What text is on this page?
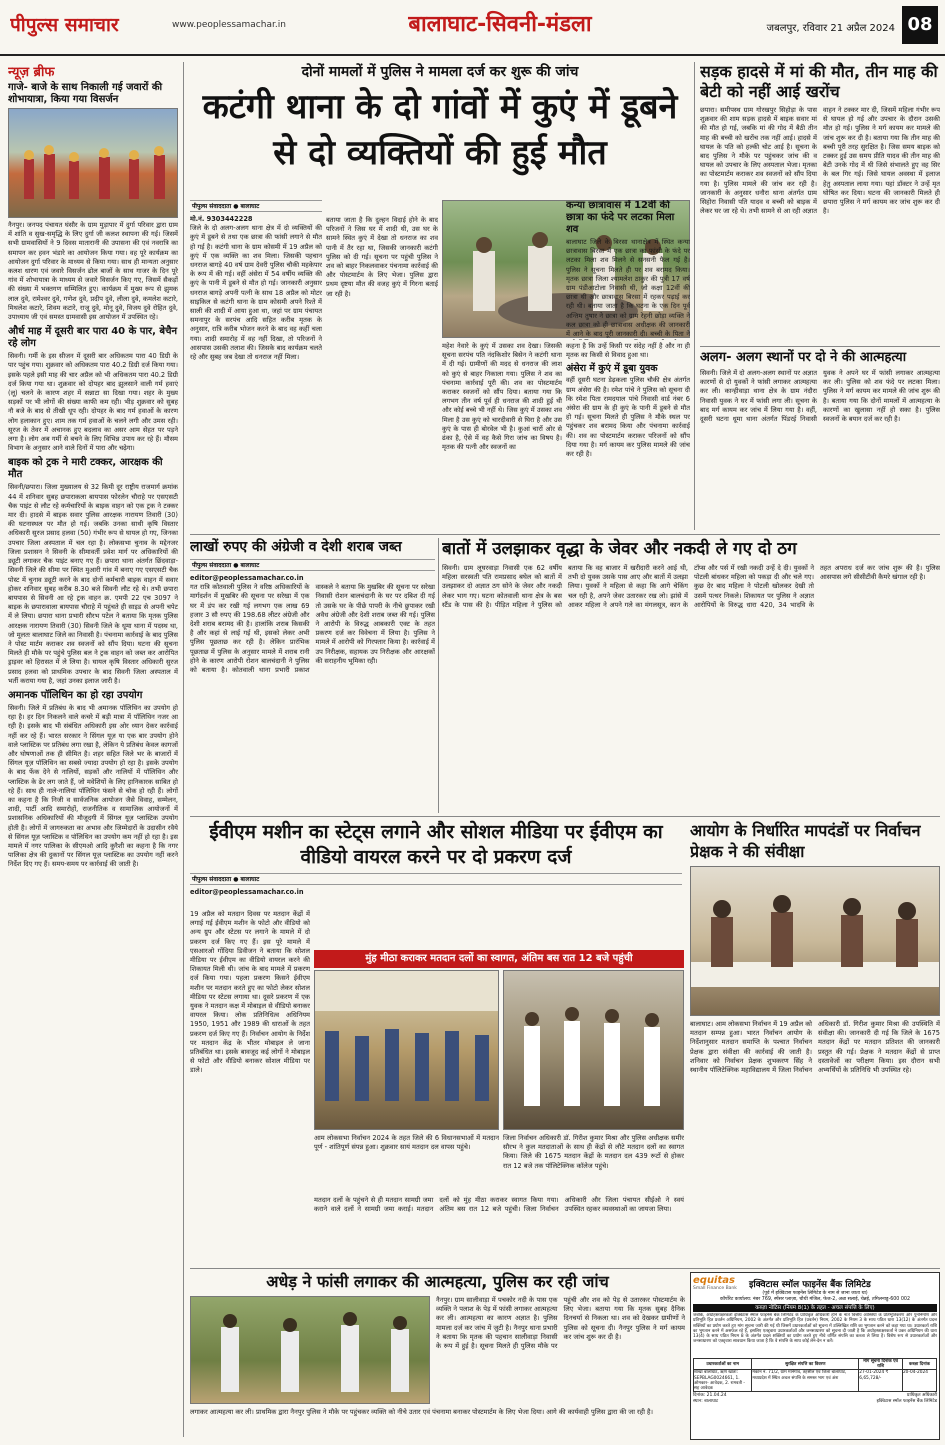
पीपुल्स समाचार	www.peoplessamachar.in	बालाघाट-सिवनी-मंडला	जबलपुर, रविवार 21 अप्रैल 2024 08
न्यूज़ ब्रीफ
गाजे- बाजे के साथ निकाली गई जवारों की शोभायात्रा, किया गया विसर्जन
नैनपुर। जनपद पंचायत घंसौर के ग्राम मुड़ापार में दुर्गा परिवार द्वारा ग्राम में शांति व सुख-समृद्धि के लिए दुर्गा जी कलश स्थापना की गई। जिसमें सभी ग्रामवासियों ने 9 दिवस मातारानी की उपासना की एवं नवरात्रि का समापन कर हवन भंडारे का आयोजन किया गया। वह पूरे कार्यक्रम का आयोजन दुर्गा परिवार के माध्यम से किया गया। साथ ही मान्यता अनुसार कलश धारण एवं जवारे विसर्जन ढोल बाजों के साथ गाजर के दिन पूरे गांव में शोभायात्रा के माध्यम से जवारे विसर्जन किए गए, जिसमें सैकड़ों की संख्या में भक्तगण सम्मिलित हुए। कार्यक्रम में मुख्य रूप से झुमक लाल दुवे, रामेश्वर दुवे, गणेश दुवे, प्रदीप दुवे, लीला दुवे, कमलेश कटारे, मिथलेश कटारे, शिवम कटारे, राजू दुवे, मोनू दुवे, विजय दुवे रोहित दुवे, उपाध्याय जी एवं समस्त ग्रामवासी इस आयोजन में उपस्थित रहे।
और्ध माह में दूसरी बार पारा 40 के पार, बेचैन रहे लोग
सिवनी। गर्मी के इस सीजन में दूसरी बार अधिकतम पारा 40 डिग्री के पार पहुंच गया। शुक्रवार को अधिकतम पारा 40.2 डिग्री दर्ज किया गया। इसके पहले इसी माह की चार अप्रैल को भी अधिकतम पारा 40.2 डिग्री दर्ज किया गया था। शुक्रवार को दोपहर बाद झुलसाने वाली गर्म हवाएं (लू) चलने के कारण शहर में सन्नाटा सा दिखा गया। शहर के मुख्य सड़कों पर भी लोगों की संख्या काफी कम रही। भीड़ शुक्रवार को सुबह नौ बजे के बाद से तीखी धूप रही। दोपहर के बाद गर्म हवाओं के कारण लोग हलाकान हुए। शाम तक गर्म हवाओं के चलने लगी और उमस रही। सूरज के तेवर में अचानक हुए बदलाव का असर आम सेहत पर पड़ने लगा है। लोग अब गर्मी से बचने के लिए विभिन्न उपाय कर रहे हैं। मौसम विभाग के अनुसार आने वाले दिनों में पारा और चढ़ेगा।
बाइक को ट्रक ने मारी टक्कर, आरक्षक की मौत
सिवनी/छपारा। जिला मुख्यालय से 32 किमी दूर राष्ट्रीय राजमार्ग क्रमांक 44 में शनिवार सुबह छपाराकला बायपास फोरलेन चौराहे पर एसएसटी चैक पाइंट से लौट रहे कर्मचारियों के बाइक वाहन को एक ट्रक ने टक्कर मार दी। हादसे में बाइक सवार पुलिस आरक्षक नारायण तिवारी (30) की घटनास्थल पर मौत हो गई। जबकि उनका साथी कृषि विस्तार अधिकारी सुरज प्रसाद हलवा (50) गंभीर रूप से घायल हो गए, जिनका उपचार जिला अस्पताल में चल रहा है। लोकसभा चुनाव के मद्देनजर जिला प्रशासन ने सिवनी के सीमावर्ती प्रवेश मार्ग पर अधिकारियों की ड्यूटी लगाकर चैक पाइंट बनाए गए हैं। छपारा थाना अंतर्गत छिंदवाड़ा-सिवनी जिले की सीमा पर स्थित मुआरी गांव में बनाए गए एसएसटी चैक पोस्ट में चुनाव ड्यूटी करने के बाद दोनों कर्मचारी बाइक वाहन में सवार होकर शनिवार सुबह करीब 8.30 बजे सिवनी लौट रहे थे। तभी छपारा बायपास से सिवनी आ रहे ट्रक वाहन क्र. एमपी 22 एच 3097 ने बाइक के छपारावाला बायपास चौराहे में पहुंचते ही साइड से अपनी चपेट में ले लिया। छपारा थाना प्रभारी सौरभ पटेल ने बताया कि मृतक पुलिस आरक्षक नारायण तिवारी (30) सिवनी जिले के धूमा थाना में पदस्थ था, जो मूलतः बालाघाट जिले का निवासी है। पंचनामा कार्रवाई के बाद पुलिस ने पोस्ट मार्टम कराकर शव स्वजनों को सौंप दिया। घटना की सूचना मिलते ही मौके पर पहुंचे पुलिस बल ने ट्रक वाहन को जब्त कर आरोपित ड्राइवर को हिरासत में ले लिया है। घायल कृषि विस्तार अधिकारी सुरज प्रसाद हलवा को प्राथमिक उपचार के बाद सिवनी जिला अस्पताल में भर्ती कराया गया है, जहां उनका इलाज जारी है।
अमानक पॉलिथिन का हो रहा उपयोग
सिवनी। जिले में प्रतिबंध के बाद भी अमानक पॉलिथिन का उपयोग हो रहा है। हर दिन निकलने वाले कचरे में बड़ी मात्रा में पॉलिथिन नजर आ रही है। इसके बाद भी संबंधित अधिकारी इस ओर ध्यान देकर कार्रवाई नहीं कर रहे हैं। भारत सरकार ने सिंगल यूज़ या एक बार उपयोग होने वाले प्लास्टिक पर प्रतिबंध लगा रखा है, लेकिन ये प्रतिबंध केवल कागजों और घोषणाओं तक ही सीमित है। शहर सहित जिले भर के बाजारों में सिंगल यूज़ पॉलिथिन का सबसे ज्यादा उपयोग हो रहा है। इसके उपयोग के बाद फेंक देने से नालियों, सड़कों और नालियों में पॉलिथिन और प्लास्टिक के ढेर लग जाते हैं, जो मवेशियों के लिए हानिकारक साबित हो रहे हैं। साथ ही नाले-नालियां पॉलिथिन फंसने से चोक हो रही हैं। लोगों का कहना है कि निजी व सार्वजनिक आयोजन जैसे विवाह, सम्मेलन, शादी, पार्टी आदि समारोहों, राजनीतिक व सामाजिक आयोजनों में प्रशासनिक अधिकारियों की मौजूदगी में सिंगल यूज़ प्लास्टिक उपयोग होती है। लोगों में जागरुकता का अभाव और जिम्मेदारों के उदासीन रवैये से सिंगल यूज़ प्लास्टिक व पॉलिथिन का उपयोग कम नहीं हो रहा है। इस मामले में नगर पालिका के सीएमओ आदि कुरैशी का कहना है कि नगर पालिका क्षेत्र की दुकानों पर सिंगल यूज़ प्लास्टिक का उपयोग नहीं करने निर्देश दिए गए हैं। समय-समय पर कार्रवाई की जाती है।
दोनों मामलों में पुलिस ने मामला दर्ज कर शुरू की जांच
कटंगी थाना के दो गांवों में कुएं में डूबने से दो व्यक्तियों की हुई मौत
पीपुल्स संवाददाता ● बालाघाट
मो.नं. 9303442228
जिले के दो अलग-अलग थाना क्षेत्र में दो व्यक्तियों की कुएं में डूबने से तथा एक छात्रा की फांसी लगाने से मौत हो गई है। कटंगी थाना के ग्राम कोसमी में 19 अप्रैल को कुएं में एक व्यक्ति का शव मिला। जिसकी पहचान धनराज बागड़े 40 वर्ष ग्राम देवरी पुलिस चौकी महकेपार के रूप में की गई। वहीं अंसेरा में 54 वर्षीय व्यक्ति की कुएं के पानी में डूबने से मौत हो गई। जानकारी अनुसार धनराज बागड़े अपनी पत्नी के साथ 18 अप्रैल को मोटर साइकिल से कटंगी थाना के ग्राम कोसमी अपने रिश्ते में साली की शादी में आया हुआ था, जहां पर ग्राम पंचायत समनापुर के सरपंच आदि सहित करीब मृतक के अनुसार, रात्रि करीब भोजन करने के बाद वह कहीं चला गया। शादी समारोह में वह नहीं दिखा, तो परिजनों ने आसपास उसकी तलाश की। जिसके बाद कार्यक्रम चलते रहे और सुबह जब देखा तो धनराज नहीं मिला।
बताया जाता है कि दुल्हन विदाई होने के बाद परिजनों ने जिस घर में शादी थी, उस घर के सामने स्थित कुएं में देखा तो धनराज का शव पानी में तैर रहा था, जिसकी जानकारी कटंगी पुलिस को दी गई। सूचना पर पहुंची पुलिस ने शव को बाहर निकलवाकर पंचनामा कार्रवाई की और पोस्टमार्टम के लिए भेजा। पुलिस द्वारा प्रथम दृष्टया मौत की वजह कुएं में गिरना बताई जा रही है।
महेश नेवारे के कुएं में उसका शव देखा। जिसकी सूचना सरपंच पति नंदकिशोर बिसेन ने कटंगी थाना में दी गई। ग्रामीणों की मदद से धनराज की लाश को कुएं से बाहर निकाला गया। पुलिस ने शव का पंचनामा कार्रवाई पूरी की। शव का पोस्टमार्टम कराकर स्वजनों को सौंप दिया। बताया गया कि लगभग तीन वर्ष पूर्व ही धनराज की शादी हुई थी और कोई बच्चे भी नहीं थे। जिस कुएं में उसका शव मिला है उस कुएं को चारदीवारी से घिरा है और उस कुएं के पास ही बोरवेल भी है। कुआं चारों ओर से ढंका है, ऐसे में वह कैसे गिरा जांच का विषय है। मृतक की पत्नी और स्वजनों का
कहना है कि उन्हें किसी पर संदेह नहीं है और ना ही मृतक का किसी से विवाद हुआ था।
अंसेरा में कुएं में डूबा युवक
वहीं दूसरी घटना डेढ़कला पुलिस चौकी क्षेत्र अंतर्गत ग्राम अंसेरा की है। रमेश पांचे ने पुलिस को सूचना दी कि रमेश पिता रामदयाल पांचे निवासी वार्ड नंबर 6 अंसेरा की ग्राम के ही कुएं के पानी में डूबने से मौत हो गई। सूचना मिलते ही पुलिस ने मौके स्थल पर पहुंचकर शव बरामद किया और पंचनामा कार्रवाई की। शव का पोस्टमार्टम कराकर परिजनों को सौंप दिया गया है। मर्ग कायम कर पुलिस मामले की जांच कर रही है।
कन्या छात्रावास में 12वीं की छात्रा का फंदे पर लटका मिला शव
बालाघाट जिले के बिरसा थानाक्षेत्र में स्थित कन्या छात्रावास बिरसा में एक छात्रा का फांसी के फंदे पर लटका मिला शव मिलने से सनसनी फैल गई है। पुलिस ने सूचना मिलते ही पर शव बरामद किया। मृतक छात्रा जिला श्यामलेश ठाकुर की पुत्री 17 वर्ष ग्राम पंडीआटोला निवासी थी, जो कक्षा 12वीं की छात्रा थी और छात्रावास बिरसा में रहकर पढ़ाई कर रही थी। बताया जाता है कि घटना के एक दिन पूर्व अन्तिम तुषार ने छात्रा को ग्राम रेहनी छोड़ा व्यक्ति ने कल छात्रा को ही छात्रावास अधीक्षक की जानकारी में आने के बाद पूरी जानकारी दी। बच्ची के पिता ने
सड़क हादसे में मां की मौत, तीन माह की बेटी को नहीं आई खरोंच
छपारा। समीपस्थ ग्राम गोरखपुर सिहोड़ा के पास शुक्रवार की शाम सड़क हादसे में बाइक सवार मां की मौत हो गई, जबकि मां की गोद में बैठी तीन माह की बच्ची को खरोंच तक नहीं आई। हादसे में घायल के पति को हल्की चोट आई है। सूचना के बाद पुलिस ने मौके पर पहुंचकर जांच की व घायल को उपचार के लिए अस्पताल भेजा। मृतका का पोस्टमार्टम कराकर शव स्वजनों को सौंप दिया गया है। पुलिस मामले की जांच कर रही है। जानकारी के अनुसार धनौरा थाना अंतर्गत ग्राम सिहोरा निवासी पति यादव व बच्ची को बाइक में लेकर घर जा रहे थे। तभी सामने से आ रही अज्ञात वाहन ने टक्कर मार दी, जिसमें महिला गंभीर रूप से घायल हो गई और उपचार के दौरान उसकी मौत हो गई। पुलिस ने मर्ग कायम कर मामले की जांच शुरू कर दी है। बताया गया कि तीन माह की बच्ची पूरी तरह सुरक्षित है। जिस समय बाइक को टक्कर हुई उस समय प्रीति यादव की तीन माह की बेटी उनके गोद में थी जिसे संभालते हुए वह सिर के बल गिर गई। जिसे घायल अवस्था में इलाज हेतु अस्पताल लाया गया। यहां डॉक्टर ने उन्हें मृत घोषित कर दिया। घटना की जानकारी मिलते ही छपारा पुलिस ने मर्ग कायम कर जांच शुरू कर दी है।
अलग- अलग स्थानों पर दो ने की आत्महत्या
सिवनी। जिले में दो अलग-अलग स्थानों पर अज्ञात कारणों से दो युवकों ने फांसी लगाकर आत्महत्या कर ली। कान्हीवाड़ा थाना क्षेत्र के ग्राम नंदौरा निवासी युवक ने घर में फांसी लगा ली। सूचना के बाद मर्ग कायम कर जांच में लिया गया है। वहीं, दूसरी घटना धूमा थाना अंतर्गत पिंडरई निवासी युवक ने अपने घर में फांसी लगाकर आत्महत्या कर ली। पुलिस को शव फंदे पर लटका मिला। पुलिस ने मर्ग कायम कर मामले की जांच शुरू की है। बताया गया कि दोनों मामलों में आत्महत्या के कारणों का खुलासा नहीं हो सका है। पुलिस स्वजनों के बयान दर्ज कर रही है।
लाखों रुपए की अंग्रेजी व देशी शराब जब्त
पीपुल्स संवाददाता ● बालाघाट
editor@peoplessamachar.co.in
गत रात्रि कोतवाली पुलिस ने वरिष्ठ अधिकारियों के मार्गदर्शन में मुखबिर की सूचना पर सरेखा में एक घर में डंप कर रखी गई लगभग एक लाख 69 हजार 3 सौ रुपए की 198.68 लीटर अंग्रेजी और देशी शराब बरामद की है। हालांकि शराब किसकी है और कहां से लाई गई थी, इसको लेकर अभी पुलिस पूछताछ कर रही है। लेकिन प्रारंभिक पूछताछ में पुलिस के अनुसार मामले में शराब रानी होने के कारण आरोपी रोशन बालचंदानी ने पुलिस को बताया है। कोतवाली थाना प्रभारी प्रकाश वास्कले ने बताया कि मुखबिर की सूचना पर सरेखा निवासी रोशन बालचंदानी के घर पर दबिश दी गई तो उसके घर के पीछे पापरी के नीचे छुपाकर रखी अवैध अंग्रेजी और देशी शराब जब्त की गई। पुलिस ने आरोपी के विरुद्ध आबकारी एक्ट के तहत प्रकरण दर्ज कर विवेचना में लिया है। पुलिस ने मामले में आरोपी को गिरफ्तार किया है। कार्रवाई में उप निरीक्षक, सहायक उप निरीक्षक और आरक्षकों की सराहनीय भूमिका रही।
बातों में उलझाकर वृद्धा के जेवर और नकदी ले गए दो ठग
सिवनी। ग्राम लूघरवाड़ा निवासी एक 62 वर्षीय महिला सरस्वती पति रामप्रसाद बघेल को बातों में उलझाकर दो अज्ञात ठग सोने के जेवर और नकदी लेकर भाग गए। घटना कोतवाली थाना क्षेत्र के बस स्टैंड के पास की है। पीड़ित महिला ने पुलिस को बताया कि वह बाजार में खरीदारी करने आई थी, तभी दो युवक उसके पास आए और बातों में उलझा लिया। युवकों ने महिला से कहा कि आगे चेकिंग चल रही है, अपने जेवर उतारकर रख लो। झांसे में आकर महिला ने अपने गले का मंगलसूत्र, कान के टॉप्स और पर्स में रखी नकदी उन्हें दे दी। युवकों ने पोटली बांधकर महिला को पकड़ा दी और चले गए। कुछ देर बाद महिला ने पोटली खोलकर देखी तो उसमें पत्थर निकले। शिकायत पर पुलिस ने अज्ञात आरोपियों के विरुद्ध धारा 420, 34 भादवि के तहत अपराध दर्ज कर जांच शुरू की है। पुलिस आसपास लगे सीसीटीवी कैमरे खंगाल रही है।
ईवीएम मशीन का स्टेट्स लगाने और सोशल मीडिया पर ईवीएम का वीडियो वायरल करने पर दो प्रकरण दर्ज
पीपुल्स संवाददाता ● बालाघाट
editor@peoplessamachar.co.in
19 अप्रैल को मतदान दिवस पर मतदान केंद्रों में लगाई गई ईवीएम मशीन के फोटो और वीडियो को अन्य ग्रुप और स्टेटस पर लगाने के मामले में दो प्रकरण दर्ज किए गए हैं। इस पूरे मामले में एसआरओ गोंदिया डिवीजन ने बताया कि सोशल मीडिया पर ईवीएम का वीडियो वायरल करने की शिकायत मिली थी। जांच के बाद मामले में प्रकरण दर्ज किया गया। पहला प्रकरण किसने ईवीएम मशीन पर मतदान करते हुए का फोटो लेकर सोशल मीडिया पर स्टेटस लगाया था। दूसरे प्रकरण में एक युवक ने मतदान कक्ष में मोबाइल से वीडियो बनाकर वायरल किया। लोक प्रतिनिधित्व अधिनियम 1950, 1951 और 1989 की धाराओं के तहत प्रकरण दर्ज किए गए हैं। निर्वाचन आयोग के निर्देश पर मतदान केंद्र के भीतर मोबाइल ले जाना प्रतिबंधित था। इसके बावजूद कई लोगों ने मोबाइल से फोटो और वीडियो बनाकर सोशल मीडिया पर डाले।
मुंह मीठा कराकर मतदान दलों का स्वागत, अंतिम बस रात 12 बजे पहुंची
आम लोकसभा निर्वाचन 2024 के तहत जिले की 6 विधानसभाओं में मतदान पूर्ण - शांतिपूर्ण संपन्न हुआ। शुक्रवार सायं मतदान दल वापस पहुंचे।
जिला निर्वाचन अधिकारी डॉ. गिरीश कुमार मिश्रा और पुलिस अधीक्षक समीर सौरभ ने कुल मतदाताओं के साथ ही केंद्रों से लौटे मतदान दलों का स्वागत किया। जिले की 1675 मतदान केंद्रों के मतदान दल 439 रूटों से होकर रात 12 बजे तक पॉलिटेक्निक कॉलेज पहुंचे।
मतदान दलों के पहुंचने से ही मतदान सामग्री जमा कराने वाले दलों ने सामग्री जमा कराई। मतदान दलों को मुंह मीठा कराकर स्वागत किया गया। अंतिम बस रात 12 बजे पहुंची। जिला निर्वाचन अधिकारी और जिला पंचायत सीईओ ने स्वयं उपस्थित रहकर व्यवस्थाओं का जायजा लिया।
आयोग के निर्धारित मापदंडों पर निर्वाचन प्रेक्षक ने की संवीक्षा
बालाघाट। आम लोकसभा निर्वाचन में 19 अप्रैल को मतदान सम्पन्न हुआ। भारत निर्वाचन आयोग के निर्देशानुसार मतदान समाप्ति के पश्चात निर्वाचन प्रेक्षक द्वारा संवीक्षा की कार्रवाई की जाती है। शनिवार को निर्वाचन प्रेक्षक शुभकरण सिंह ने स्थानीय पॉलिटेक्निक महाविद्यालय में जिला निर्वाचन अधिकारी डॉ. गिरीश कुमार मिश्रा की उपस्थिति में संवीक्षा की। जानकारी दी गई कि जिले के 1675 मतदान केंद्रों पर मतदान प्रतिशत की जानकारी प्रस्तुत की गई। प्रेक्षक ने मतदान केंद्रों से प्राप्त दस्तावेजों का परीक्षण किया। इस दौरान सभी अभ्यर्थियों के प्रतिनिधि भी उपस्थित रहे।
अधेड़ ने फांसी लगाकर की आत्महत्या, पुलिस कर रही जांच
नैनपुर। ग्राम सालीवाड़ा में पचकोर नदी के पास एक व्यक्ति ने पलाश के पेड़ में फांसी लगाकर आत्महत्या कर ली। आत्महत्या का कारण अज्ञात है। पुलिस मामला दर्ज कर जांच में जुटी है। नैनपुर थाना प्रभारी ने बताया कि मृतक की पहचान सालीवाड़ा निवासी के रूप में हुई है। सूचना मिलते ही पुलिस मौके पर पहुंची और शव को पेड़ से उतारकर पोस्टमार्टम के लिए भेजा। बताया गया कि मृतक सुबह दैनिक दिनचर्या से निकला था। शव को देखकर ग्रामीणों ने पुलिस को सूचना दी। नैनपुर पुलिस ने मर्ग कायम कर जांच शुरू कर दी है।
लगाकर आत्महत्या कर ली। प्राथमिक द्वारा नैनपुर पुलिस ने मौके पर पहुंचकर व्यक्ति को नीचे उतार एवं पंचनामा बनाकर पोस्टमार्टम के लिए भेजा दिया। आगे की कार्यवाही पुलिस द्वारा की जा रही है।
equitas
Small Finance Bank	इक्विटास स्मॉल फाइनेंस बैंक लिमिटेड
(पूर्व में इक्विटास फाइनेंस लिमिटेड के नाम से जाना जाता था)
कॉर्पोरेट कार्यालय: नंबर 769, स्पेंसर प्लाज़ा, चौथी मंजिल, फेज-2, अन्ना सलाई, चेन्नई, तमिलनाडु-600 002
कब्ज़ा नोटिस (नियम 8(1) के तहत - अचल संपत्ति के लिए)
जबकि, अधोहस्ताक्षरकर्ता इक्विटास स्मॉल फाइनेंस बैंक लिमिटेड के प्राधिकृत अधिकारी होने के नाते वित्तीय आस्तियों के प्रतिभूतिकरण और पुनर्निर्माण और प्रतिभूति हित प्रवर्तन अधिनियम, 2002 के अंतर्गत और प्रतिभूति हित (प्रवर्तन) नियम, 2002 के नियम 3 के साथ पठित धारा 13(12) के अंतर्गत प्रदत्त शक्तियों का प्रयोग करते हुए मांग सूचना जारी की गई थी जिसमें उधारकर्ताओं को सूचना में उल्लिखित राशि का भुगतान करने को कहा गया था। उधारकर्ता राशि का भुगतान करने में असफल रहे हैं, इसलिए एतद्द्वारा उधारकर्ताओं और जनसाधारण को सूचना दी जाती है कि अधोहस्ताक्षरकर्ता ने उक्त अधिनियम की धारा 13(4) के साथ पठित नियम 8 के अंतर्गत प्रदत्त शक्तियों का प्रयोग करते हुए नीचे वर्णित संपत्ति का कब्जा ले लिया है। विशेष रूप से उधारकर्ताओं और जनसाधारण को एतद्द्वारा सावधान किया जाता है कि वे संपत्ति के साथ कोई लेन-देन न करें।
उधारकर्ताओं का नाम	सुरक्षित संपत्ति का विवरण	मांग सूचना दिनांक एवं राशि	कब्ज़ा दिनांक
शाखा बालाघाट, ऋण खाता: SEPBLAG0024661, 1. ओमकार- आवेदक, 2. रामवती - सह आवेदक	मकान नं. 71/2, ग्राम मानेगांव, तहसील एवं जिला बालाघाट, मध्यप्रदेश में स्थित अचल संपत्ति के समस्त भाग एवं अंश	27-01-2024 ₹ 6,65,728/-	20-04-2024
दिनांक: 21.04.24
स्थान: बालाघाट
प्राधिकृत अधिकारी
इक्विटास स्मॉल फाइनेंस बैंक लिमिटेड
